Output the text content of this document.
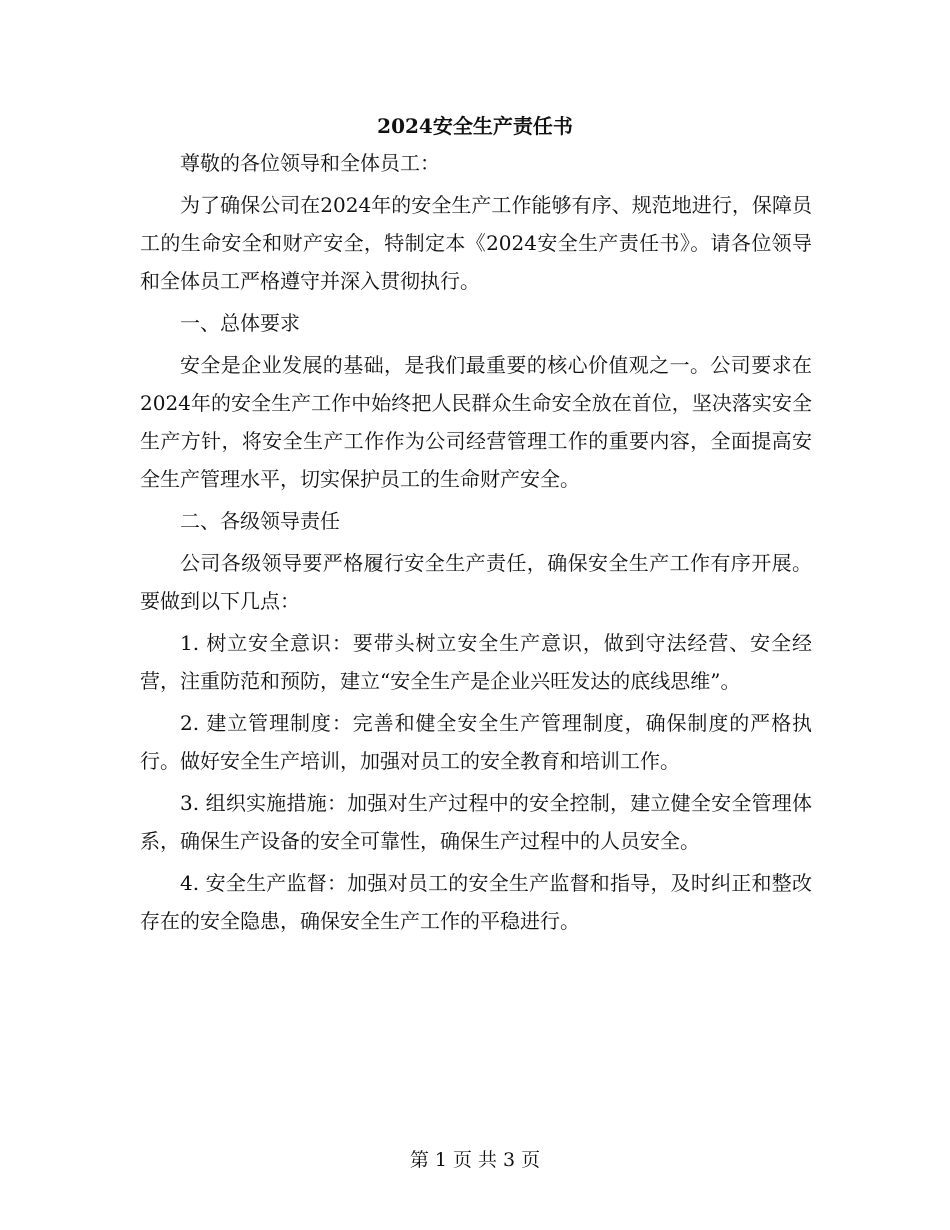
2024安全生产责任书

尊敬的各位领导和全体员工：

为了确保公司在2024年的安全生产工作能够有序、规范地进行，保障员工的生命安全和财产安全，特制定本《2024安全生产责任书》。请各位领导和全体员工严格遵守并深入贯彻执行。

一、总体要求

安全是企业发展的基础，是我们最重要的核心价值观之一。公司要求在2024年的安全生产工作中始终把人民群众生命安全放在首位，坚决落实安全生产方针，将安全生产工作作为公司经营管理工作的重要内容，全面提高安全生产管理水平，切实保护员工的生命财产安全。

二、各级领导责任

公司各级领导要严格履行安全生产责任，确保安全生产工作有序开展。要做到以下几点：

1. 树立安全意识：要带头树立安全生产意识，做到守法经营、安全经营，注重防范和预防，建立“安全生产是企业兴旺发达的底线思维”。

2. 建立管理制度：完善和健全安全生产管理制度，确保制度的严格执行。做好安全生产培训，加强对员工的安全教育和培训工作。

3. 组织实施措施：加强对生产过程中的安全控制，建立健全安全管理体系，确保生产设备的安全可靠性，确保生产过程中的人员安全。

4. 安全生产监督：加强对员工的安全生产监督和指导，及时纠正和整改存在的安全隐患，确保安全生产工作的平稳进行。

第 1 页 共 3 页
